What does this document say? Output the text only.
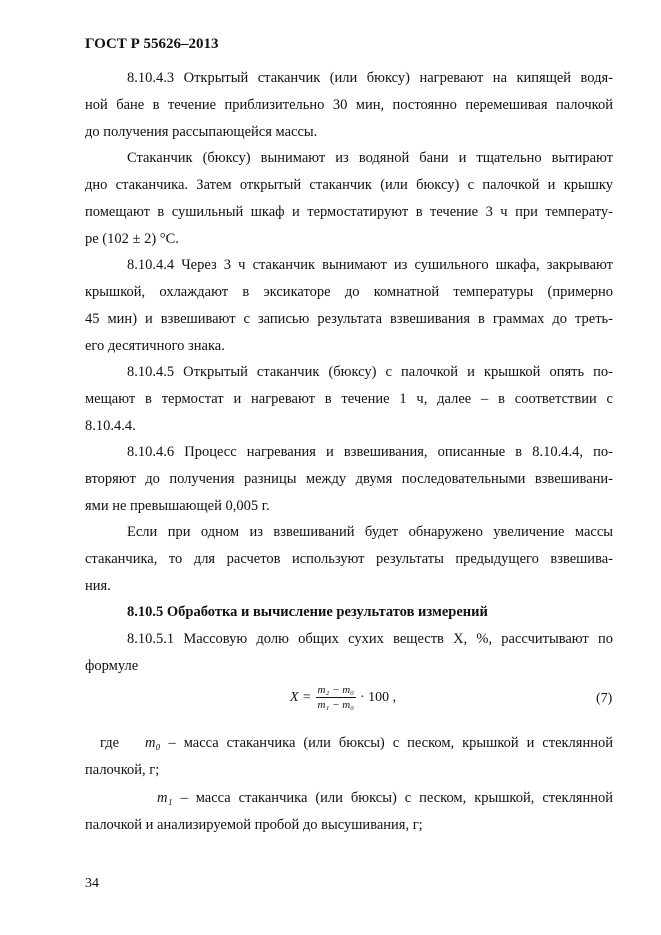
ГОСТ Р 55626–2013
8.10.4.3 Открытый стаканчик (или бюксу) нагревают на кипящей водя-
ной бане в течение приблизительно 30 мин, постоянно перемешивая палочкой
до получения рассыпающейся массы.
Стаканчик (бюксу) вынимают из водяной бани и тщательно вытирают
дно стаканчика. Затем открытый стаканчик (или бюксу) с палочкой и крышку
помещают в сушильный шкаф и термостатируют в течение 3 ч при температу-
ре (102 ± 2) °С.
8.10.4.4 Через 3 ч стаканчик вынимают из сушильного шкафа, закрывают
крышкой, охлаждают в эксикаторе до комнатной температуры (примерно
45 мин) и взвешивают с записью результата взвешивания в граммах до треть-
его десятичного знака.
8.10.4.5 Открытый стаканчик (бюксу) с палочкой и крышкой опять по-
мещают в термостат и нагревают в течение 1 ч, далее – в соответствии с
8.10.4.4.
8.10.4.6 Процесс нагревания и взвешивания, описанные в 8.10.4.4, по-
вторяют до получения разницы между двумя последовательными взвешивани-
ями не превышающей 0,005 г.
Если при одном из взвешиваний будет обнаружено увеличение массы
стаканчика, то для расчетов используют результаты предыдущего взвешива-
ния.
8.10.5 Обработка и вычисление результатов измерений
8.10.5.1 Массовую долю общих сухих веществ X, %, рассчитывают по
формуле
$X = \frac{\text{m₂ − m₀}}{\text{m₁ − m₀}} \cdot 100$ ,	(7)
где m₀ – масса стаканчика (или бюксы) с песком, крышкой и стеклянной
палочкой, г;
m₁ – масса стаканчика (или бюксы) с песком, крышкой, стеклянной
палочкой и анализируемой пробой до высушивания, г;
34
